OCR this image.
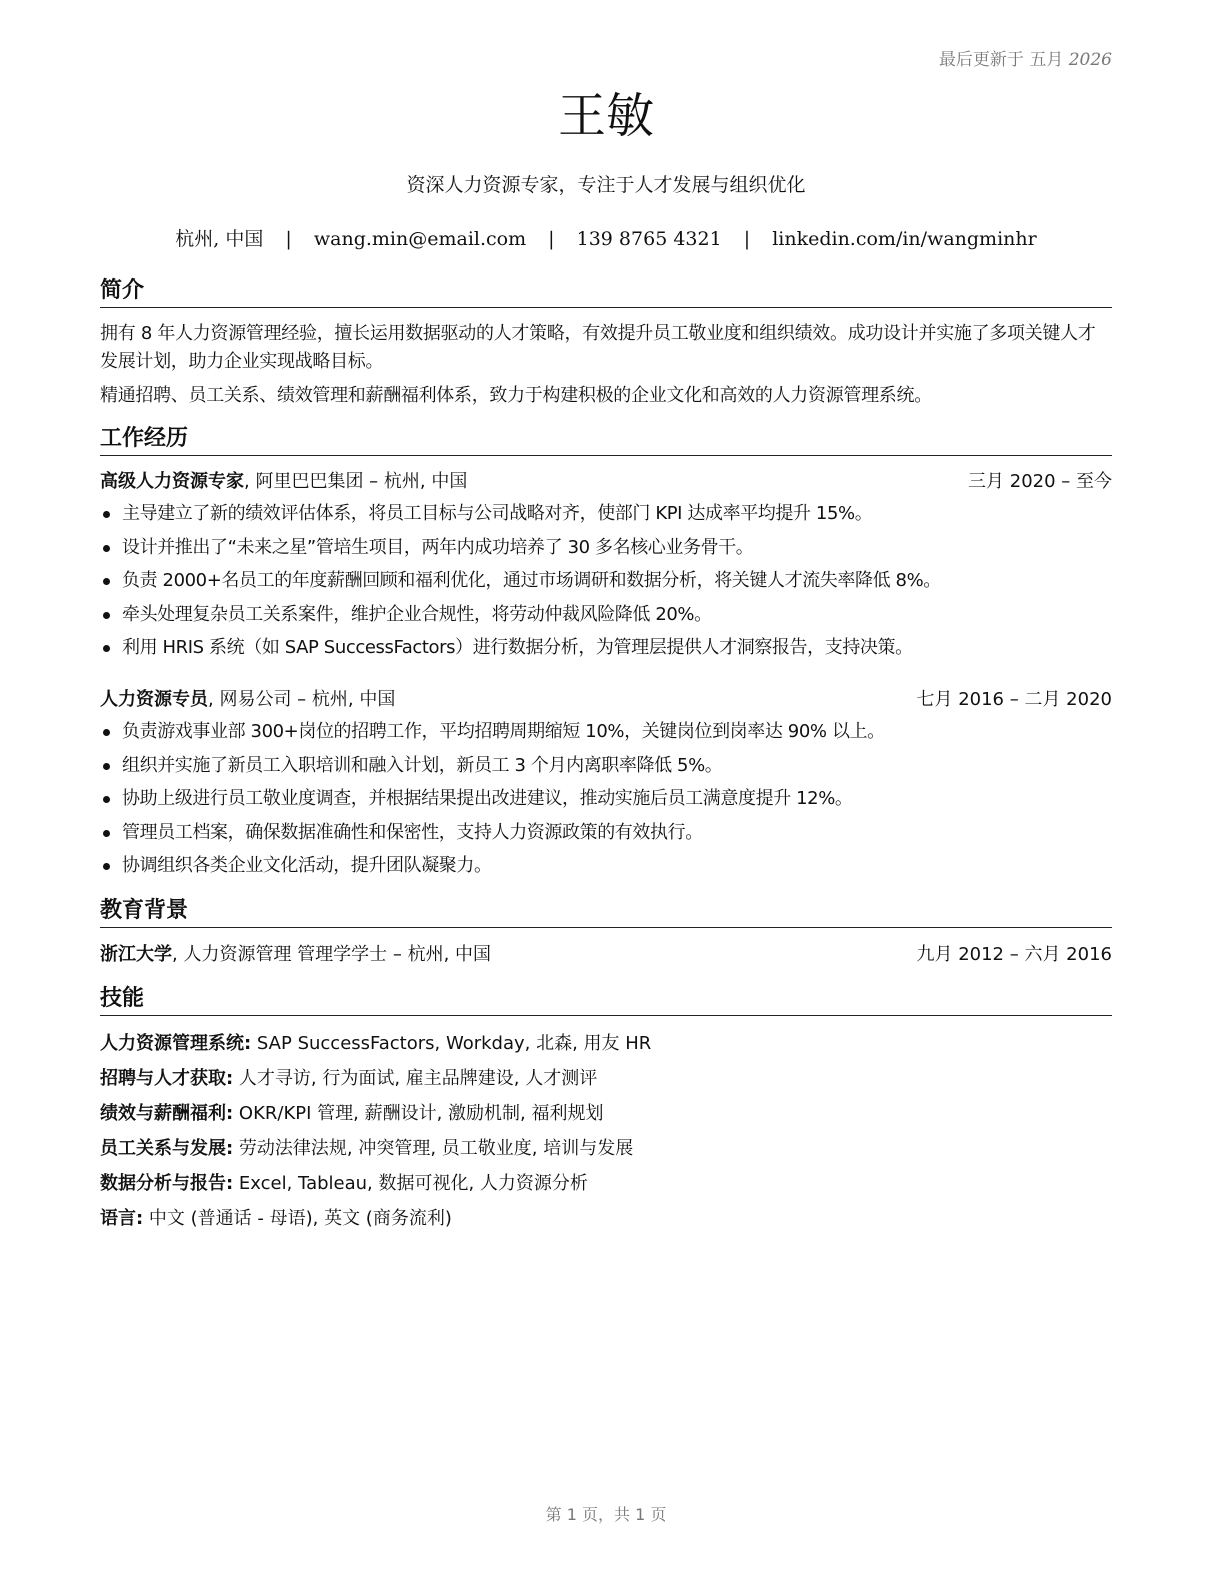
最后更新于 五月 2026
王敏
资深人力资源专家，专注于人才发展与组织优化
杭州, 中国 | wang.min@email.com | 139 8765 4321 | linkedin.com/in/wangminhr
简介
拥有 8 年人力资源管理经验，擅长运用数据驱动的人才策略，有效提升员工敬业度和组织绩效。成功设计并实施了多项关键人才发展计划，助力企业实现战略目标。
精通招聘、员工关系、绩效管理和薪酬福利体系，致力于构建积极的企业文化和高效的人力资源管理系统。
工作经历
高级人力资源专家, 阿里巴巴集团 – 杭州, 中国	三月 2020 – 至今
主导建立了新的绩效评估体系，将员工目标与公司战略对齐，使部门 KPI 达成率平均提升 15%。
设计并推出了“未来之星”管培生项目，两年内成功培养了 30 多名核心业务骨干。
负责 2000+名员工的年度薪酬回顾和福利优化，通过市场调研和数据分析，将关键人才流失率降低 8%。
牵头处理复杂员工关系案件，维护企业合规性，将劳动仲裁风险降低 20%。
利用 HRIS 系统（如 SAP SuccessFactors）进行数据分析，为管理层提供人才洞察报告，支持决策。
人力资源专员, 网易公司 – 杭州, 中国	七月 2016 – 二月 2020
负责游戏事业部 300+岗位的招聘工作，平均招聘周期缩短 10%，关键岗位到岗率达 90% 以上。
组织并实施了新员工入职培训和融入计划，新员工 3 个月内离职率降低 5%。
协助上级进行员工敬业度调查，并根据结果提出改进建议，推动实施后员工满意度提升 12%。
管理员工档案，确保数据准确性和保密性，支持人力资源政策的有效执行。
协调组织各类企业文化活动，提升团队凝聚力。
教育背景
浙江大学, 人力资源管理 管理学学士 – 杭州, 中国	九月 2012 – 六月 2016
技能
人力资源管理系统: SAP SuccessFactors, Workday, 北森, 用友 HR
招聘与人才获取: 人才寻访, 行为面试, 雇主品牌建设, 人才测评
绩效与薪酬福利: OKR/KPI 管理, 薪酬设计, 激励机制, 福利规划
员工关系与发展: 劳动法律法规, 冲突管理, 员工敬业度, 培训与发展
数据分析与报告: Excel, Tableau, 数据可视化, 人力资源分析
语言: 中文 (普通话 - 母语), 英文 (商务流利)
第 1 页，共 1 页
